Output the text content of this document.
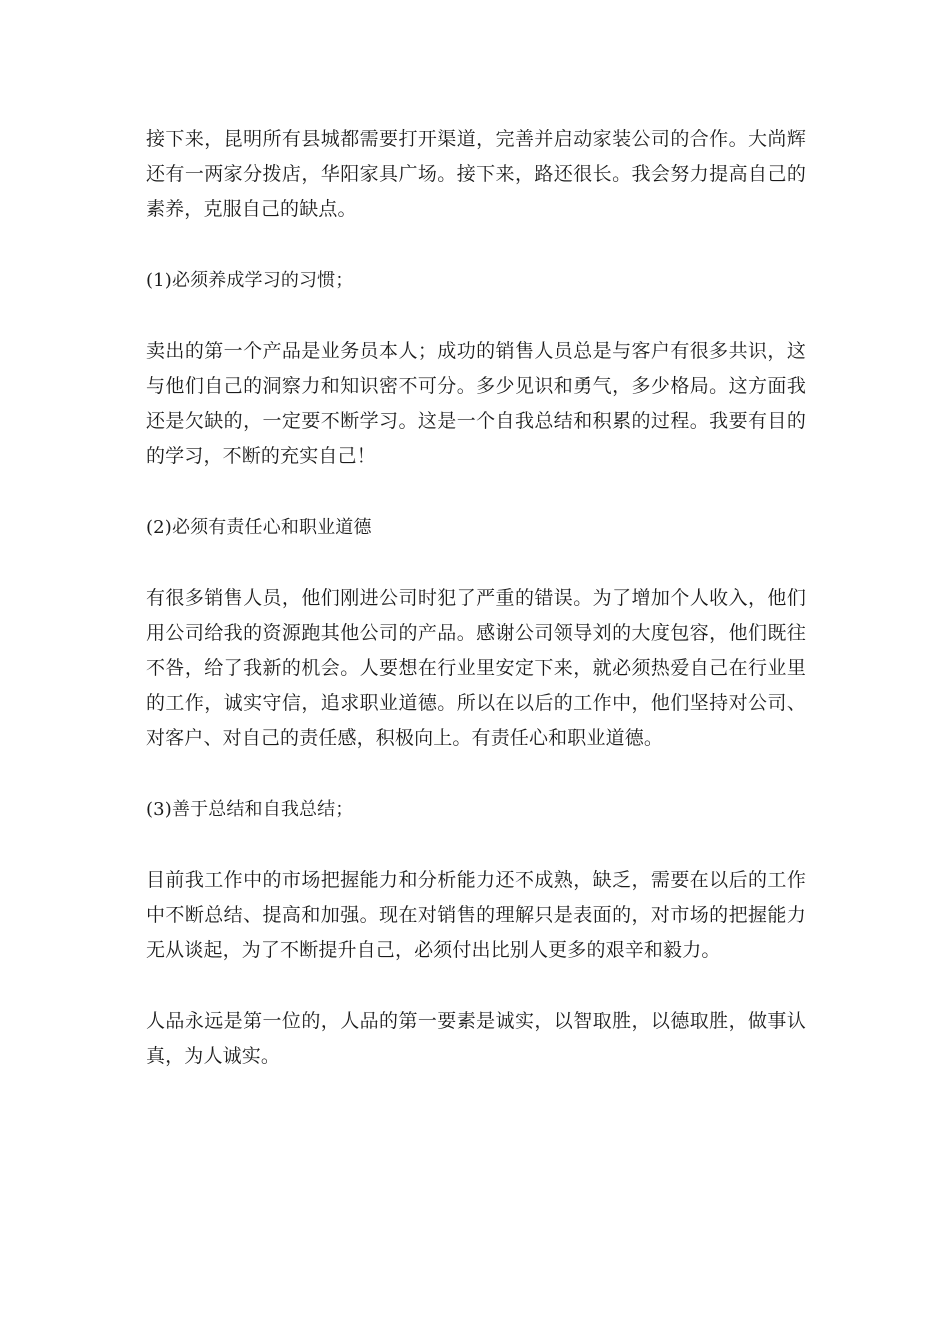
接下来，昆明所有县城都需要打开渠道，完善并启动家装公司的合作。大尚辉还有一两家分拨店，华阳家具广场。接下来，路还很长。我会努力提高自己的素养，克服自己的缺点。

(1)必须养成学习的习惯；

卖出的第一个产品是业务员本人；成功的销售人员总是与客户有很多共识，这与他们自己的洞察力和知识密不可分。多少见识和勇气，多少格局。这方面我还是欠缺的，一定要不断学习。这是一个自我总结和积累的过程。我要有目的的学习，不断的充实自己！

(2)必须有责任心和职业道德

有很多销售人员，他们刚进公司时犯了严重的错误。为了增加个人收入，他们用公司给我的资源跑其他公司的产品。感谢公司领导刘的大度包容，他们既往不咎，给了我新的机会。人要想在行业里安定下来，就必须热爱自己在行业里的工作，诚实守信，追求职业道德。所以在以后的工作中，他们坚持对公司、对客户、对自己的责任感，积极向上。有责任心和职业道德。

(3)善于总结和自我总结；

目前我工作中的市场把握能力和分析能力还不成熟，缺乏，需要在以后的工作中不断总结、提高和加强。现在对销售的理解只是表面的，对市场的把握能力无从谈起，为了不断提升自己，必须付出比别人更多的艰辛和毅力。

人品永远是第一位的，人品的第一要素是诚实，以智取胜，以德取胜，做事认真，为人诚实。
